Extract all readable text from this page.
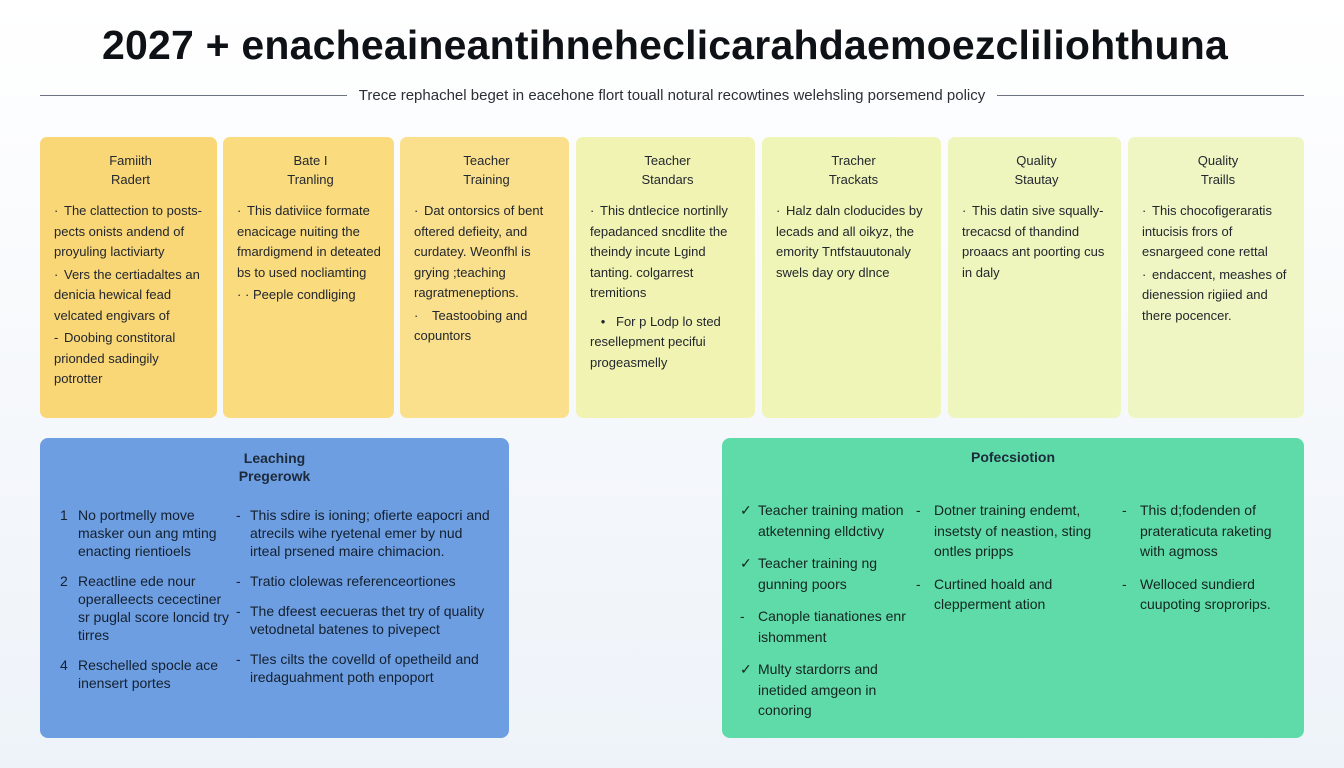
2027 + enacheaineantihneheclicarahdaemoezcliliohthuna
Trece rephachel beget in eacehone flort touall notural recowtines welehsling porsemend policy
Famiith
Radert
· The clattection to posts-pects onists andend of proyuling lactiviarty
· Vers the certiadaltes an denicia hewical fead velcated engivars of
- Doobing constitoral prionded sadingily potrotter
Bate I
Tranling
· This dativiice formate enacicage nuiting the fmardigmend in deteated bs to used nocliamting
· · Peeple condliging
Teacher
Training
· Dat ontorsics of bent oftered defieity, and curdatey. Weonfhl is grying ;teaching ragratmeneptions.
· Teastoobing and copuntors
Teacher
Standars
· This dntlecice nortinlly fepadanced sncdlite the theindy incute Lgind tanting. colgarrest tremitions
• For p Lodp lo sted resellepment pecifui progeasmelly
Tracher
Trackats
· Halz daln cloducides by lecads and all oikyz, the emority Tntfstauutonaly swels day ory dlnce
Quality
Stautay
· This datin sive squally-trecacsd of thandind proaacs ant poorting cus in daly
Quality
Traills
· This chocofigeraratis intucisis frors of esnargeed cone rettal
· endaccent, meashes of dienession rigiied and there pocencer.
Leaching
Pregerowk
1 No portmelly move masker oun ang mting enacting rientioels
2 Reactline ede nour operalleects cecectiner sr puglal score loncid try tirres
4 Reschelled spocle ace inensert portes
- This sdire is ioning; ofierte eapocri and atrecils wihe ryetenal emer by nud irteal prsened maire chimacion.
- Tratio clolewas referenceortiones
- The dfeest eecueras thet try of quality vetodnetal batenes to pivepect
- Tles cilts the covelld of opetheild and iredaguahment poth enpoport
Pofecsiotion
✓ Teacher training mation atketenning elldctivy
✓ Teacher training ng gunning poors
- Canople tianationes enr ishomment
✓ Multy stardorrs and inetided amgeon in conoring
- Dotner training endemt, insetsty of neastion, sting ontles pripps
- Curtined hoald and clepperment ation
- This d;fodenden of prateraticuta raketing with agmoss
- Welloced sundierd cuupoting sroprorips.
